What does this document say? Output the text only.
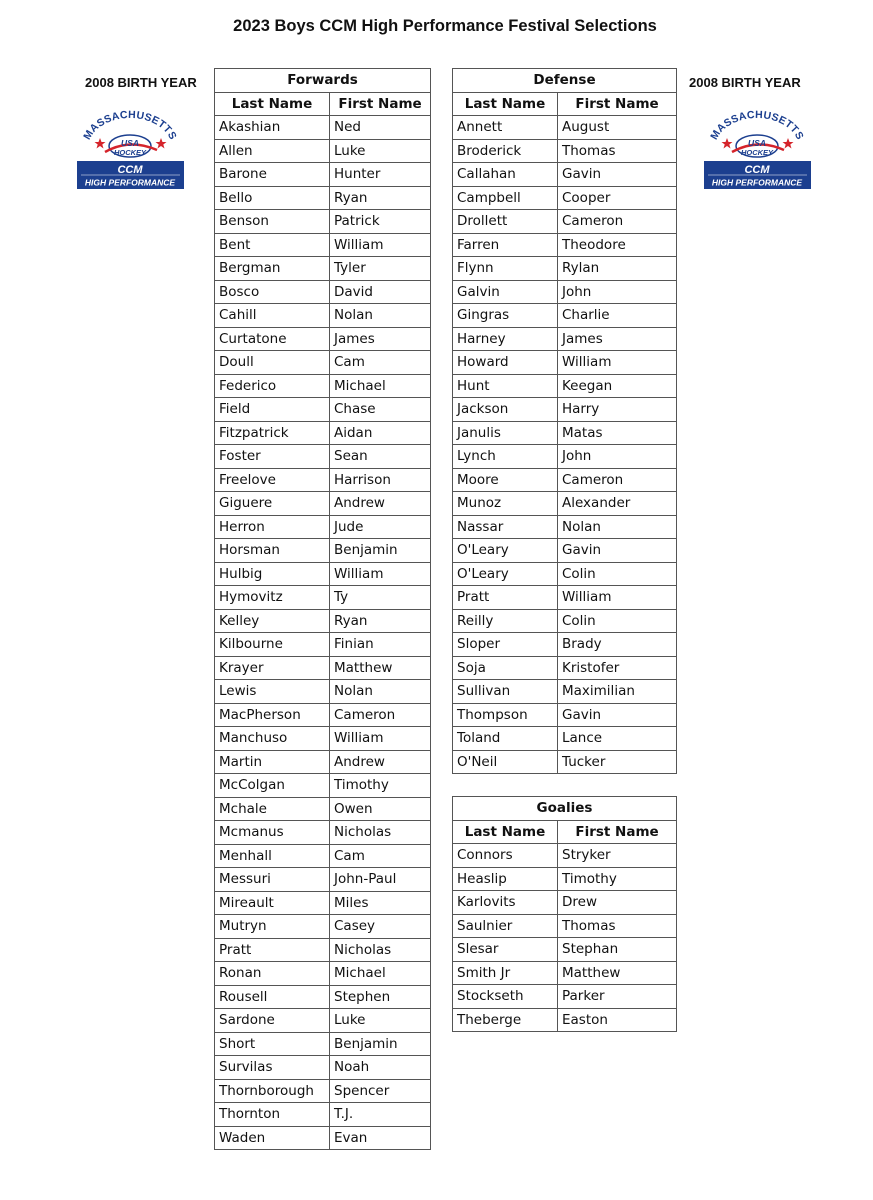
2023 Boys CCM High Performance Festival Selections
2008 BIRTH YEAR	2008 BIRTH YEAR
MASSACHUSETTS
USA
HOCKEY
CCM
HIGH PERFORMANCE
MASSACHUSETTS
USA
HOCKEY
CCM
HIGH PERFORMANCE
Forwards	
Last Name	First Name
Akashian	Ned
Allen	Luke
Barone	Hunter
Bello	Ryan
Benson	Patrick
Bent	William
Bergman	Tyler
Bosco	David
Cahill	Nolan
Curtatone	James
Doull	Cam
Federico	Michael
Field	Chase
Fitzpatrick	Aidan
Foster	Sean
Freelove	Harrison
Giguere	Andrew
Herron	Jude
Horsman	Benjamin
Hulbig	William
Hymovitz	Ty
Kelley	Ryan
Kilbourne	Finian
Krayer	Matthew
Lewis	Nolan
MacPherson	Cameron
Manchuso	William
Martin	Andrew
McColgan	Timothy
Mchale	Owen
Mcmanus	Nicholas
Menhall	Cam
Messuri	John-Paul
Mireault	Miles
Mutryn	Casey
Pratt	Nicholas
Ronan	Michael
Rousell	Stephen
Sardone	Luke
Short	Benjamin
Survilas	Noah
Thornborough	Spencer
Thornton	T.J.
Waden	Evan
Defense	
Last Name	First Name
Annett	August
Broderick	Thomas
Callahan	Gavin
Campbell	Cooper
Drollett	Cameron
Farren	Theodore
Flynn	Rylan
Galvin	John
Gingras	Charlie
Harney	James
Howard	William
Hunt	Keegan
Jackson	Harry
Janulis	Matas
Lynch	John
Moore	Cameron
Munoz	Alexander
Nassar	Nolan
O'Leary	Gavin
O'Leary	Colin
Pratt	William
Reilly	Colin
Sloper	Brady
Soja	Kristofer
Sullivan	Maximilian
Thompson	Gavin
Toland	Lance
O'Neil	Tucker
Goalies	
Last Name	First Name
Connors	Stryker
Heaslip	Timothy
Karlovits	Drew
Saulnier	Thomas
Slesar	Stephan
Smith Jr	Matthew
Stockseth	Parker
Theberge	Easton
